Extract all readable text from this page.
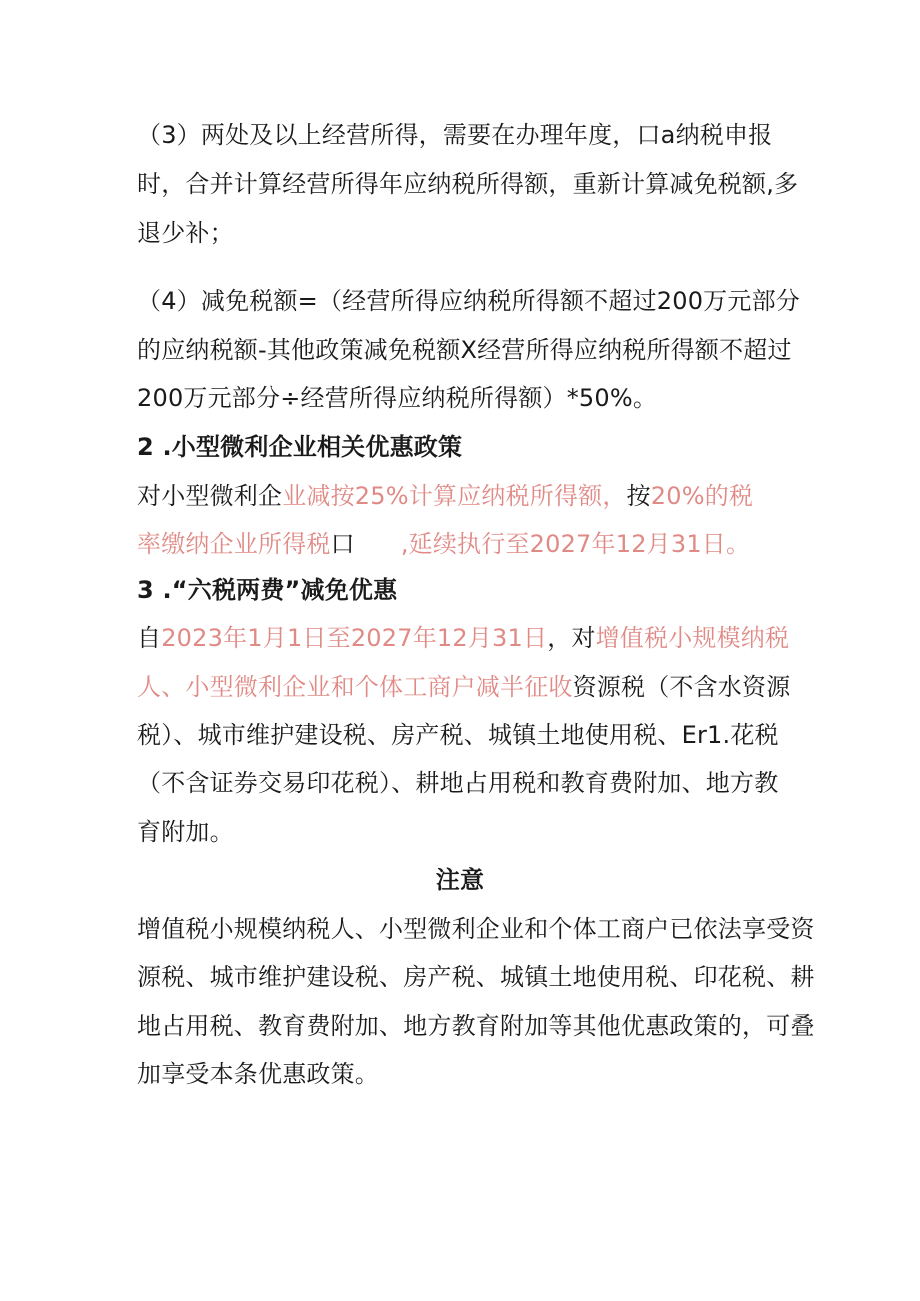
（3）两处及以上经营所得，需要在办理年度，口a纳税申报
时，合并计算经营所得年应纳税所得额，重新计算减免税额,多
退少补；
（4）减免税额=（经营所得应纳税所得额不超过200万元部分
的应纳税额-其他政策减免税额X经营所得应纳税所得额不超过
200万元部分÷经营所得应纳税所得额）*50%。
2 .小型微利企业相关优惠政策
对小型微利企业减按25%计算应纳税所得额，按20%的税
率缴纳企业所得税口 ,延续执行至2027年12月31日。
3 .“六税两费”减免优惠
自2023年1月1日至2027年12月31日，对增值税小规模纳税
人、小型微利企业和个体工商户减半征收资源税（不含水资源
税）、城市维护建设税、房产税、城镇土地使用税、Er1.花税
（不含证券交易印花税）、耕地占用税和教育费附加、地方教
育附加。
注意
增值税小规模纳税人、小型微利企业和个体工商户已依法享受资
源税、城市维护建设税、房产税、城镇土地使用税、印花税、耕
地占用税、教育费附加、地方教育附加等其他优惠政策的，可叠
加享受本条优惠政策。
